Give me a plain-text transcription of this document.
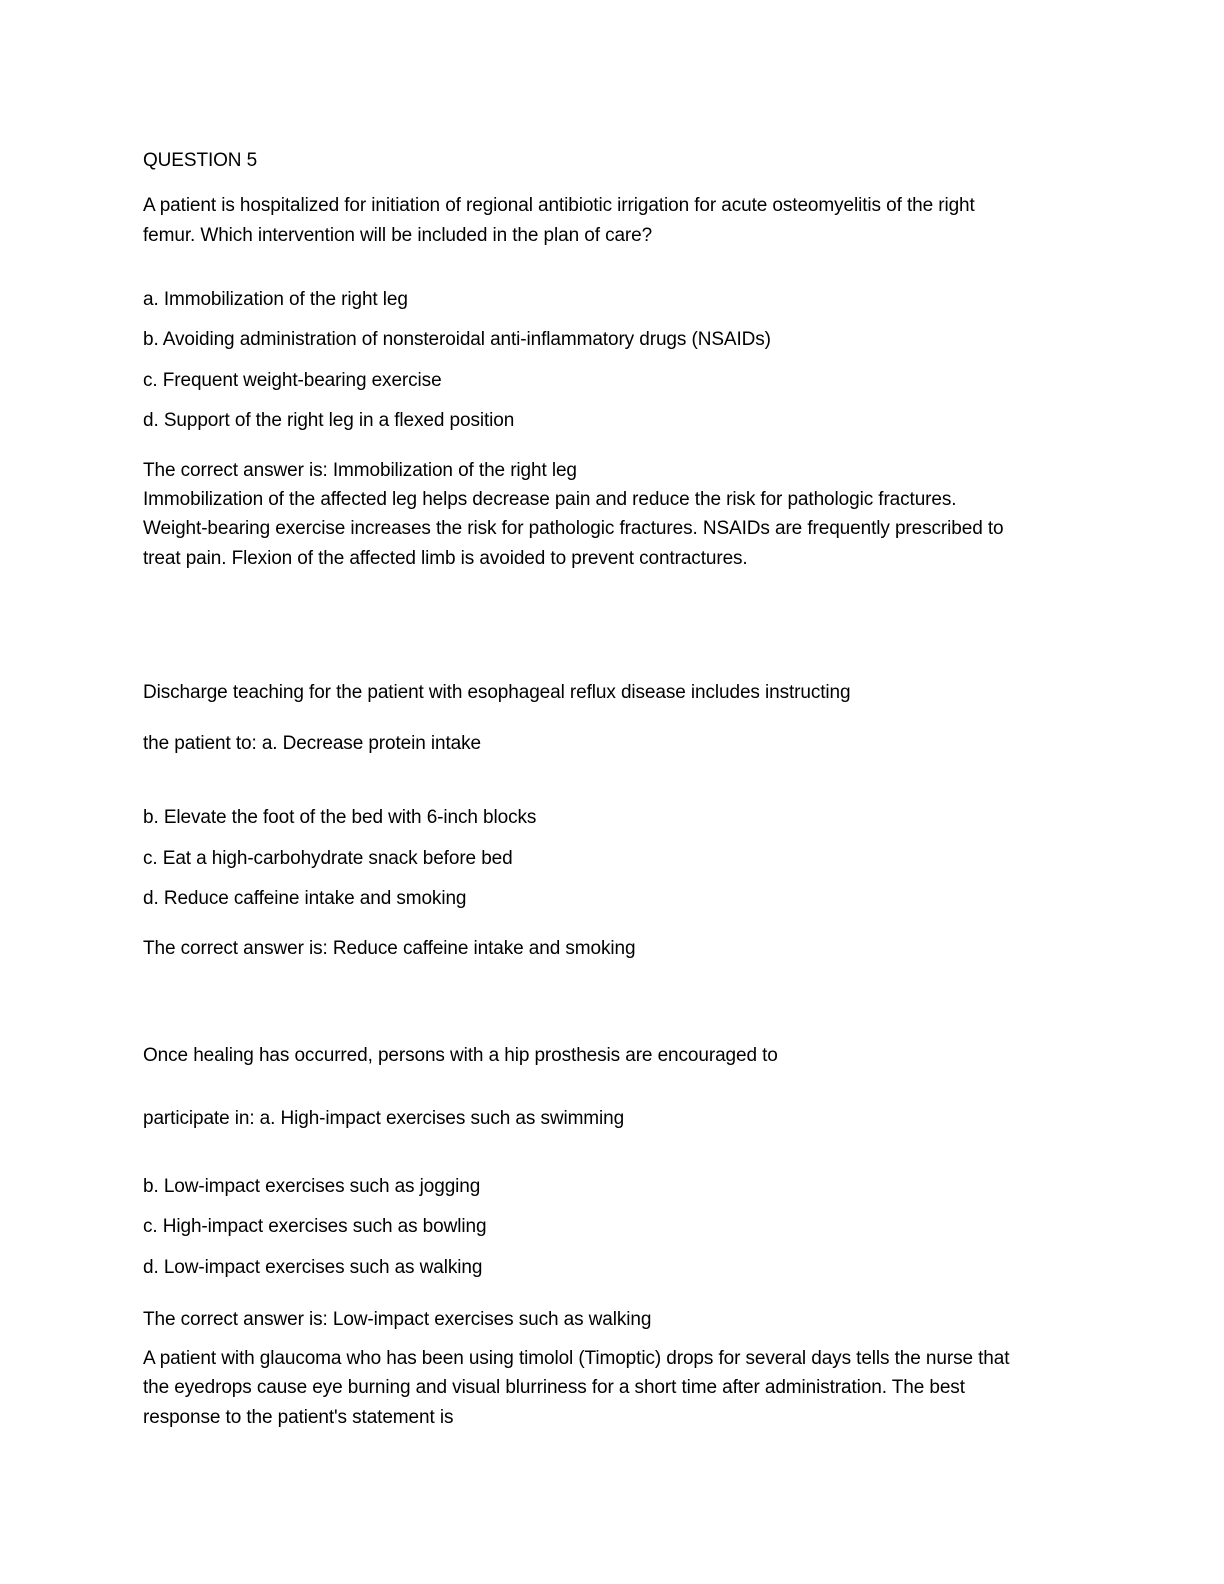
QUESTION 5

A patient is hospitalized for initiation of regional antibiotic irrigation for acute osteomyelitis of the right

femur. Which intervention will be included in the plan of care?

a. Immobilization of the right leg

b. Avoiding administration of nonsteroidal anti-inflammatory drugs (NSAIDs)

c. Frequent weight-bearing exercise

d. Support of the right leg in a flexed position

The correct answer is: Immobilization of the right leg

Immobilization of the affected leg helps decrease pain and reduce the risk for pathologic fractures.

Weight-bearing exercise increases the risk for pathologic fractures. NSAIDs are frequently prescribed to

treat pain. Flexion of the affected limb is avoided to prevent contractures.

Discharge teaching for the patient with esophageal reflux disease includes instructing

the patient to: a. Decrease protein intake

b. Elevate the foot of the bed with 6-inch blocks

c. Eat a high-carbohydrate snack before bed

d. Reduce caffeine intake and smoking

The correct answer is: Reduce caffeine intake and smoking

Once healing has occurred, persons with a hip prosthesis are encouraged to

participate in: a. High-impact exercises such as swimming

b. Low-impact exercises such as jogging

c. High-impact exercises such as bowling

d. Low-impact exercises such as walking

The correct answer is: Low-impact exercises such as walking

A patient with glaucoma who has been using timolol (Timoptic) drops for several days tells the nurse that

the eyedrops cause eye burning and visual blurriness for a short time after administration. The best

response to the patient's statement is
